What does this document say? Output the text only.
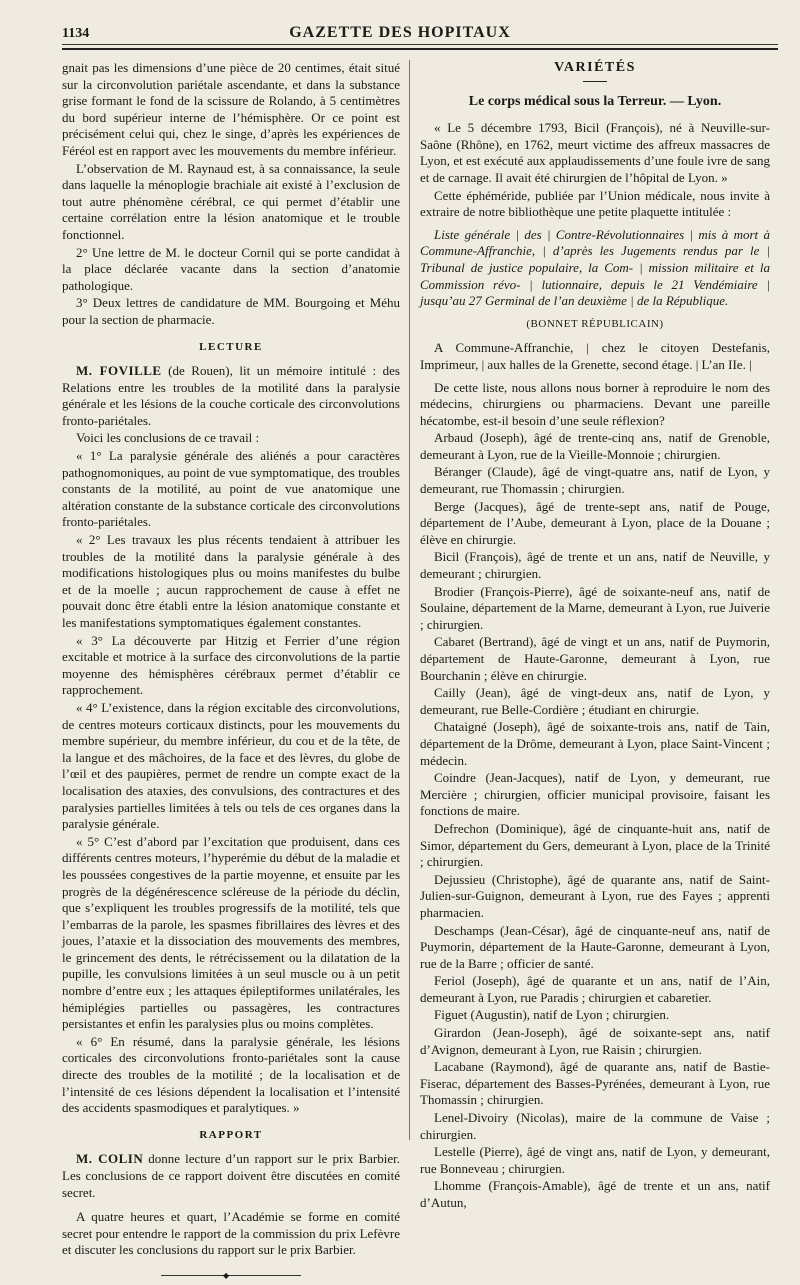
1134	GAZETTE DES HOPITAUX

gnait pas les dimensions d’une pièce de 20 centimes, était situé sur la circonvolution pariétale ascendante, et dans la substance grise formant le fond de la scissure de Rolando, à 5 centimètres du bord supérieur interne de l’hémisphère. Or ce point est précisément celui qui, chez le singe, d’après les expériences de Féréol est en rapport avec les mouvements du membre inférieur.

L’observation de M. Raynaud est, à sa connaissance, la seule dans laquelle la ménoplogie brachiale ait existé à l’exclusion de tout autre phénomène cérébral, ce qui permet d’établir une certaine corrélation entre la lésion anatomique et le trouble fonctionnel.

2° Une lettre de M. le docteur Cornil qui se porte candidat à la place déclarée vacante dans la section d’anatomie pathologique.

3° Deux lettres de candidature de MM. Bourgoing et Méhu pour la section de pharmacie.

LECTURE

M. FOVILLE (de Rouen), lit un mémoire intitulé : des Relations entre les troubles de la motilité dans la paralysie générale et les lésions de la couche corticale des circonvolutions fronto-pariétales.

Voici les conclusions de ce travail :

« 1° La paralysie générale des aliénés a pour caractères pathognomoniques, au point de vue symptomatique, des troubles constants de la motilité, au point de vue anatomique une altération constante de la substance corticale des circonvolutions fronto-pariétales.

« 2° Les travaux les plus récents tendaient à attribuer les troubles de la motilité dans la paralysie générale à des modifications histologiques plus ou moins manifestes du bulbe et de la moelle ; aucun rapprochement de cause à effet ne pouvait donc être établi entre la lésion anatomique constante et les manifestations symptomatiques également constantes.

« 3° La découverte par Hitzig et Ferrier d’une région excitable et motrice à la surface des circonvolutions de la partie moyenne des hémisphères cérébraux permet d’établir ce rapprochement.

« 4° L’existence, dans la région excitable des circonvolutions, de centres moteurs corticaux distincts, pour les mouvements du membre supérieur, du membre inférieur, du cou et de la tête, de la langue et des mâchoires, de la face et des lèvres, du globe de l’œil et des paupières, permet de rendre un compte exact de la localisation des ataxies, des convulsions, des contractures et des paralysies partielles limitées à tels ou tels de ces organes dans la paralysie générale.

« 5° C’est d’abord par l’excitation que produisent, dans ces différents centres moteurs, l’hyperémie du début de la maladie et les poussées congestives de la partie moyenne, et ensuite par les progrès de la dégénérescence scléreuse de la période du déclin, que s’expliquent les troubles progressifs de la motilité, tels que l’embarras de la parole, les spasmes fibrillaires des lèvres et des joues, l’ataxie et la dissociation des mouvements des membres, le grincement des dents, le rétrécissement ou la dilatation de la pupille, les convulsions limitées à un seul muscle ou à un petit nombre d’entre eux ; les attaques épileptiformes unilatérales, les hémiplégies partielles ou passagères, les contractures persistantes et enfin les paralysies plus ou moins complètes.

« 6° En résumé, dans la paralysie générale, les lésions corticales des circonvolutions fronto-pariétales sont la cause directe des troubles de la motilité ; de la localisation et de l’intensité de ces lésions dépendent la localisation et l’intensité des accidents spasmodiques et paralytiques. »

RAPPORT

M. COLIN donne lecture d’un rapport sur le prix Barbier. Les conclusions de ce rapport doivent être discutées en comité secret.

A quatre heures et quart, l’Académie se forme en comité secret pour entendre le rapport de la commission du prix Lefèvre et discuter les conclusions du rapport sur le prix Barbier.

◆
VARIÉTÉS
Le corps médical sous la Terreur. — Lyon.

« Le 5 décembre 1793, Bicil (François), né à Neuville-sur-Saône (Rhône), en 1762, meurt victime des affreux massacres de Lyon, et est exécuté aux applaudissements d’une foule ivre de sang et de carnage. Il avait été chirurgien de l’hôpital de Lyon. »

Cette éphéméride, publiée par l’Union médicale, nous invite à extraire de notre bibliothèque une petite plaquette intitulée :

Liste générale | des | Contre-Révolutionnaires | mis à mort à Commune-Affranchie, | d’après les Jugements rendus par le | Tribunal de justice populaire, la Com- | mission militaire et la Commission révo- | lutionnaire, depuis le 21 Vendémiaire | jusqu’au 27 Germinal de l’an deuxième | de la République.

(BONNET RÉPUBLICAIN)

A Commune-Affranchie, | chez le citoyen Destefanis, Imprimeur, | aux halles de la Grenette, second étage. | L’an IIe. |

De cette liste, nous allons nous borner à reproduire le nom des médecins, chirurgiens ou pharmaciens. Devant une pareille hécatombe, est-il besoin d’une seule réflexion?

Arbaud (Joseph), âgé de trente-cinq ans, natif de Grenoble, demeurant à Lyon, rue de la Vieille-Monnoie ; chirurgien.

Béranger (Claude), âgé de vingt-quatre ans, natif de Lyon, y demeurant, rue Thomassin ; chirurgien.

Berge (Jacques), âgé de trente-sept ans, natif de Pouge, département de l’Aube, demeurant à Lyon, place de la Douane ; élève en chirurgie.

Bicil (François), âgé de trente et un ans, natif de Neuville, y demeurant ; chirurgien.

Brodier (François-Pierre), âgé de soixante-neuf ans, natif de Soulaine, département de la Marne, demeurant à Lyon, rue Juiverie ; chirurgien.

Cabaret (Bertrand), âgé de vingt et un ans, natif de Puymorin, département de Haute-Garonne, demeurant à Lyon, rue Bourchanin ; élève en chirurgie.

Cailly (Jean), âgé de vingt-deux ans, natif de Lyon, y demeurant, rue Belle-Cordière ; étudiant en chirurgie.

Chataigné (Joseph), âgé de soixante-trois ans, natif de Tain, département de la Drôme, demeurant à Lyon, place Saint-Vincent ; médecin.

Coindre (Jean-Jacques), natif de Lyon, y demeurant, rue Mercière ; chirurgien, officier municipal provisoire, faisant les fonctions de maire.

Defrechon (Dominique), âgé de cinquante-huit ans, natif de Simor, département du Gers, demeurant à Lyon, place de la Trinité ; chirurgien.

Dejussieu (Christophe), âgé de quarante ans, natif de Saint-Julien-sur-Guignon, demeurant à Lyon, rue des Fayes ; apprenti pharmacien.

Deschamps (Jean-César), âgé de cinquante-neuf ans, natif de Puymorin, département de la Haute-Garonne, demeurant à Lyon, rue de la Barre ; officier de santé.

Feriol (Joseph), âgé de quarante et un ans, natif de l’Ain, demeurant à Lyon, rue Paradis ; chirurgien et cabaretier.

Figuet (Augustin), natif de Lyon ; chirurgien.

Girardon (Jean-Joseph), âgé de soixante-sept ans, natif d’Avignon, demeurant à Lyon, rue Raisin ; chirurgien.

Lacabane (Raymond), âgé de quarante ans, natif de Bastie-Fiserac, département des Basses-Pyrénées, demeurant à Lyon, rue Thomassin ; chirurgien.

Lenel-Divoiry (Nicolas), maire de la commune de Vaise ; chirurgien.

Lestelle (Pierre), âgé de vingt ans, natif de Lyon, y demeurant, rue Bonneveau ; chirurgien.

Lhomme (François-Amable), âgé de trente et un ans, natif d’Autun,
